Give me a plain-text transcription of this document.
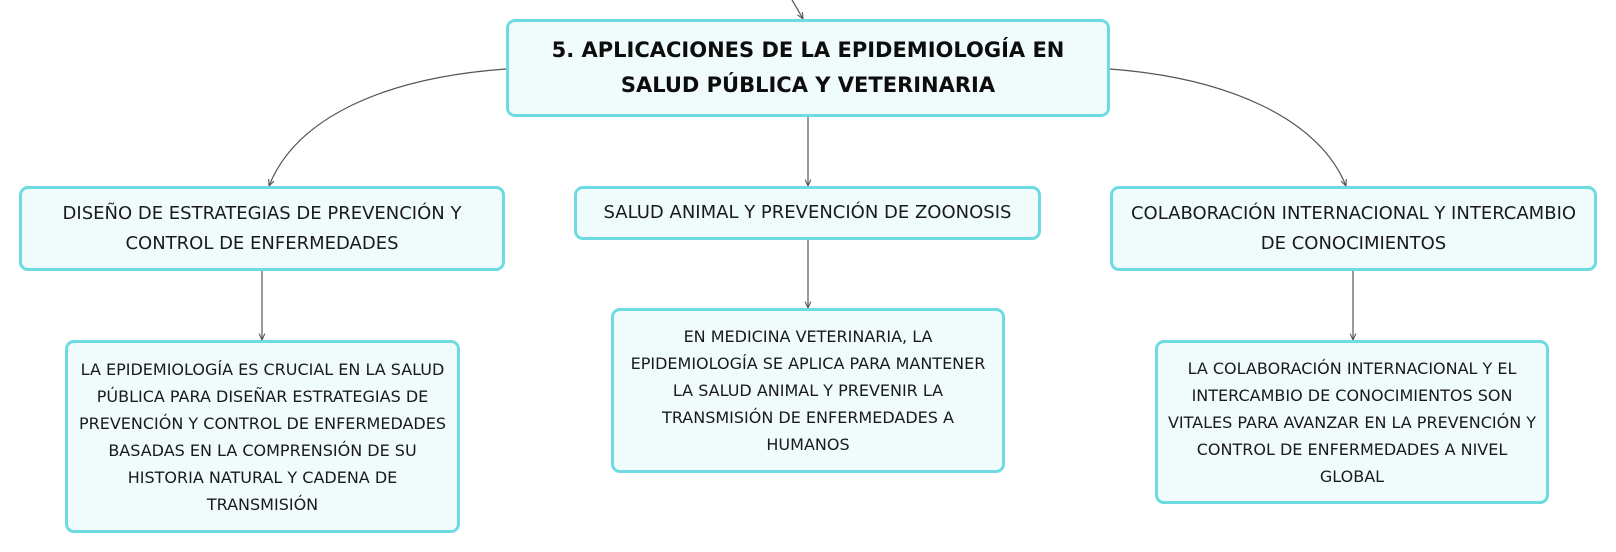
5. APLICACIONES DE LA EPIDEMIOLOGÍA EN SALUD PÚBLICA Y VETERINARIA
DISEÑO DE ESTRATEGIAS DE PREVENCIÓN Y CONTROL DE ENFERMEDADES
SALUD ANIMAL Y PREVENCIÓN DE ZOONOSIS	COLABORACIÓN INTERNACIONAL Y INTERCAMBIO DE CONOCIMIENTOS
LA EPIDEMIOLOGÍA ES CRUCIAL EN LA SALUD PÚBLICA PARA DISEÑAR ESTRATEGIAS DE PREVENCIÓN Y CONTROL DE ENFERMEDADES BASADAS EN LA COMPRENSIÓN DE SU HISTORIA NATURAL Y CADENA DE TRANSMISIÓN
EN MEDICINA VETERINARIA, LA EPIDEMIOLOGÍA SE APLICA PARA MANTENER LA SALUD ANIMAL Y PREVENIR LA TRANSMISIÓN DE ENFERMEDADES A HUMANOS
LA COLABORACIÓN INTERNACIONAL Y EL INTERCAMBIO DE CONOCIMIENTOS SON VITALES PARA AVANZAR EN LA PREVENCIÓN Y CONTROL DE ENFERMEDADES A NIVEL GLOBAL
